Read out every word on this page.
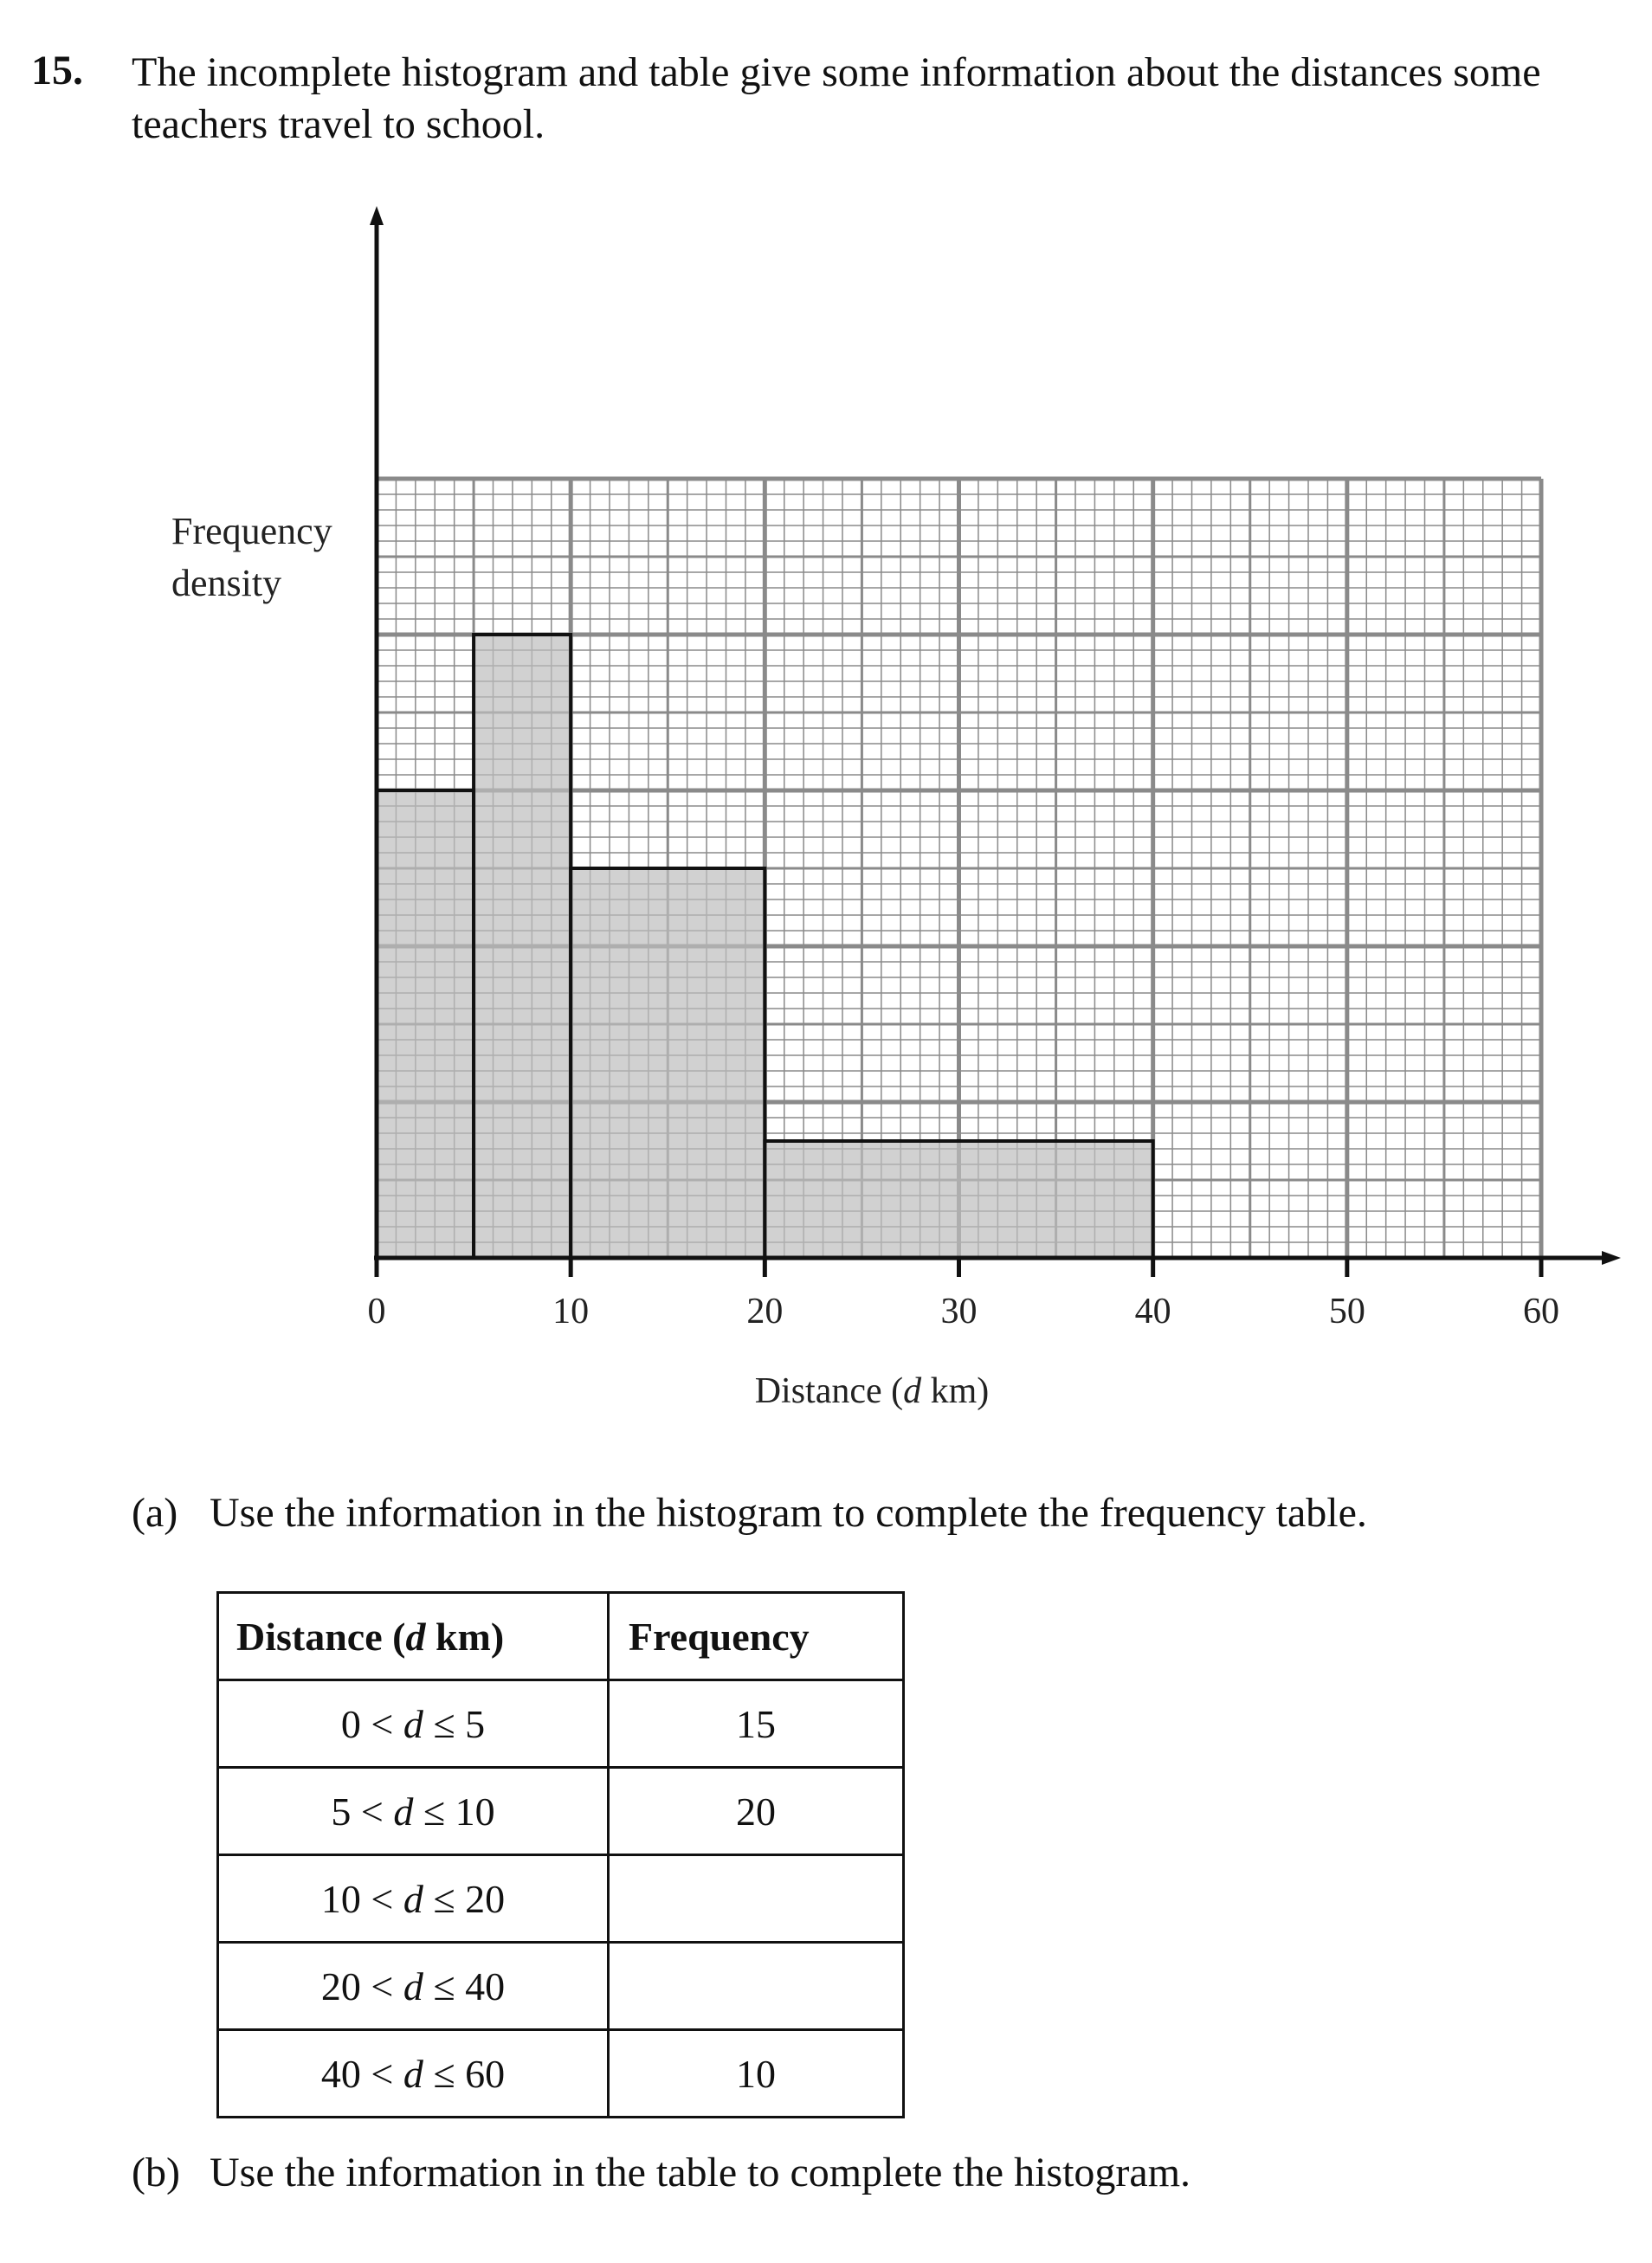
15. The incomplete histogram and table give some information about the distances some teachers travel to school.
0	10	20	30	40	50	60
Frequency
density
Distance (d km)
(a) Use the information in the histogram to complete the frequency table.
Distance (d km)	Frequency
0 < d ≤ 5	15
5 < d ≤ 10	20
10 < d ≤ 20	
20 < d ≤ 40	
40 < d ≤ 60	10
(b) Use the information in the table to complete the histogram.
